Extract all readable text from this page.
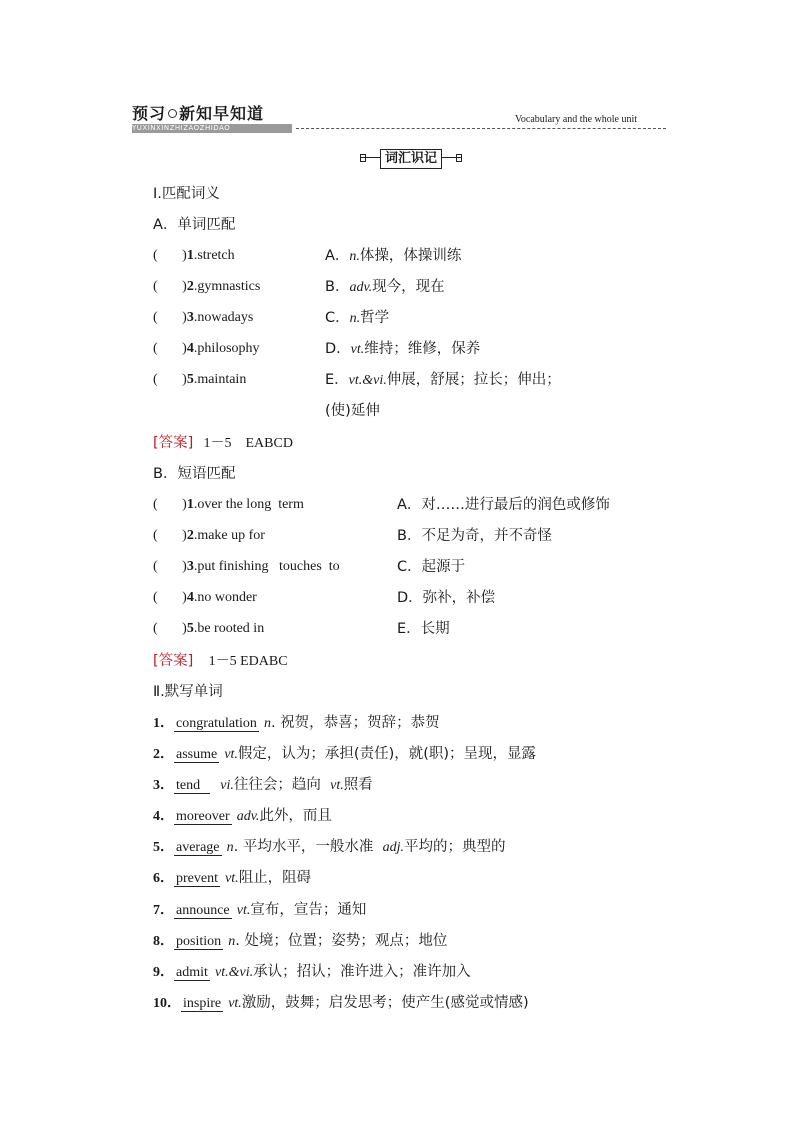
预习 新知早知道
YUXINXINZHIZAOZHIDAO
Vocabulary and the whole unit
词汇识记
Ⅰ.匹配词义
A．单词匹配
(       )1.stretch	A．n.体操，体操训练
(       )2.gymnastics	B．adv.现今，现在
(       )3.nowadays	C．n.哲学
(       )4.philosophy	D．vt.维持；维修，保养
(       )5.maintain	E．vt.&vi.伸展，舒展；拉长；伸出；
(使)延伸
[答案] 1－5　EABCD
B．短语匹配
(       )1.over the long  term	A．对……进行最后的润色或修饰
(       )2.make up for	B．不足为奇，并不奇怪
(       )3.put finishing   touches  to	C．起源于
(       )4.no wonder	D．弥补，补偿
(       )5.be rooted in	E．长期
[答案] 1－5 EDABC
Ⅱ.默写单词
1． congratulation n. 祝贺，恭喜；贺辞；恭贺
2． assume vt.假定，认为；承担(责任)，就(职)；呈现，显露
3． tend vi.往往会；趋向  vt.照看
4． moreover adv.此外，而且
5． average n. 平均水平，一般水准  adj.平均的；典型的
6． prevent vt.阻止，阻碍
7． announce vt.宣布，宣告；通知
8． position n. 处境；位置；姿势；观点；地位
9． admit vt.&vi.承认；招认；准许进入；准许加入
10． inspire vt.激励，鼓舞；启发思考；使产生(感觉或情感)
